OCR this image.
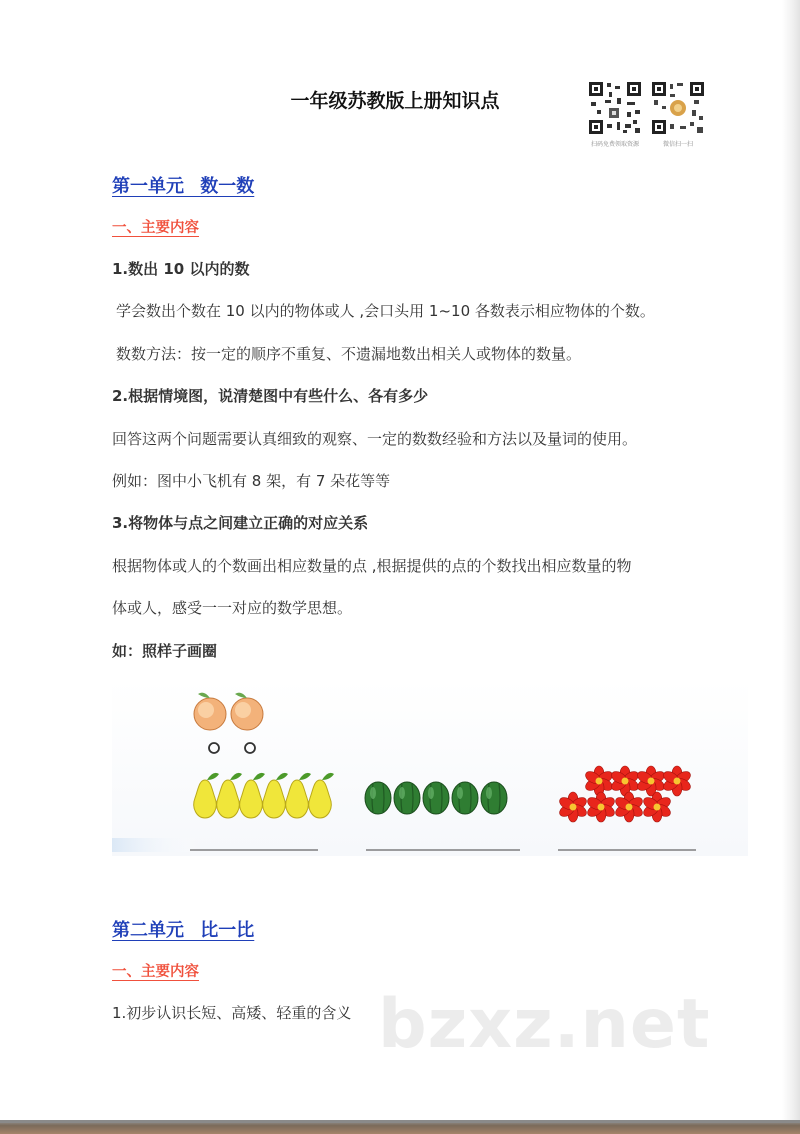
一年级苏教版上册知识点
扫码免费领取资源	微信扫一扫
第一单元 数一数
一、主要内容
1.数出 10 以内的数
学会数出个数在 10 以内的物体或人 ,会口头用 1~10 各数表示相应物体的个数。
数数方法：按一定的顺序不重复、不遗漏地数出相关人或物体的数量。
2.根据情境图，说清楚图中有些什么、各有多少
回答这两个问题需要认真细致的观察、一定的数数经验和方法以及量词的使用。
例如：图中小飞机有 8 架，有 7 朵花等等
3.将物体与点之间建立正确的对应关系
根据物体或人的个数画出相应数量的点 ,根据提供的点的个数找出相应数量的物
体或人，感受一一对应的数学思想。
如：照样子画圈
bzxz.net
第二单元 比一比
一、主要内容
1.初步认识长短、高矮、轻重的含义
